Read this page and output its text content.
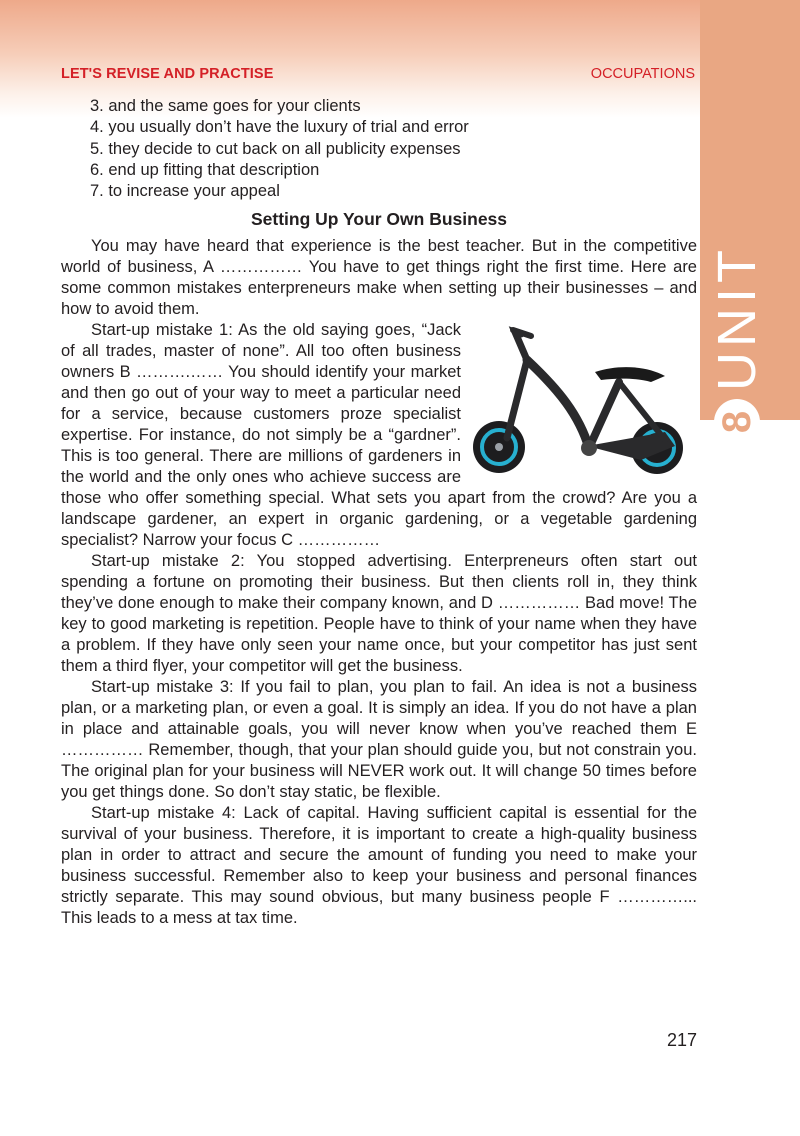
LET'S REVISE AND PRACTISE	OCCUPATIONS
8
UNIT
3. and the same goes for your clients
4. you usually don’t have the luxury of trial and error
5. they decide to cut back on all publicity expenses
6. end up fitting that description
7. to increase your appeal
Setting Up Your Own Business

You may have heard that experience is the best teacher. But in the competitive world of business, A …………… You have to get things right the first time. Here are some common mistakes enterpreneurs make when setting up their businesses – and how to avoid them.

Start-up mistake 1: As the old saying goes, “Jack of all trades, master of none”. All too often business owners B ……….…… You should identify your market and then go out of your way to meet a particular need for a service, because customers proze specialist expertise. For instance, do not simply be a “gardner”. This is too general. There are millions of gardeners in the world and the only ones who achieve success are those who offer something special. What sets you apart from the crowd? Are you a landscape gardener, an expert in organic gardening, or a vegetable gardening specialist? Narrow your focus C ……………

Start-up mistake 2: You stopped advertising. Enterpreneurs often start out spending a fortune on promoting their business. But then clients roll in, they think they’ve done enough to make their company known, and D …………… Bad move! The key to good marketing is repetition. People have to think of your name when they have a problem. If they have only seen your name once, but your competitor has just sent them a third flyer, your competitor will get the business.

Start-up mistake 3: If you fail to plan, you plan to fail. An idea is not a business plan, or a marketing plan, or even a goal. It is simply an idea. If you do not have a plan in place and attainable goals, you will never know when you’ve reached them E …………… Remember, though, that your plan should guide you, but not constrain you. The original plan for your business will NEVER work out. It will change 50 times before you get things done. So don’t stay static, be flexible.

Start-up mistake 4: Lack of capital. Having sufficient capital is essential for the survival of your business. Therefore, it is important to create a high-quality business plan in order to attract and secure the amount of funding you need to make your business successful. Remember also to keep your business and personal finances strictly separate. This may sound obvious, but many business people F …………... This leads to a mess at tax time.

217
